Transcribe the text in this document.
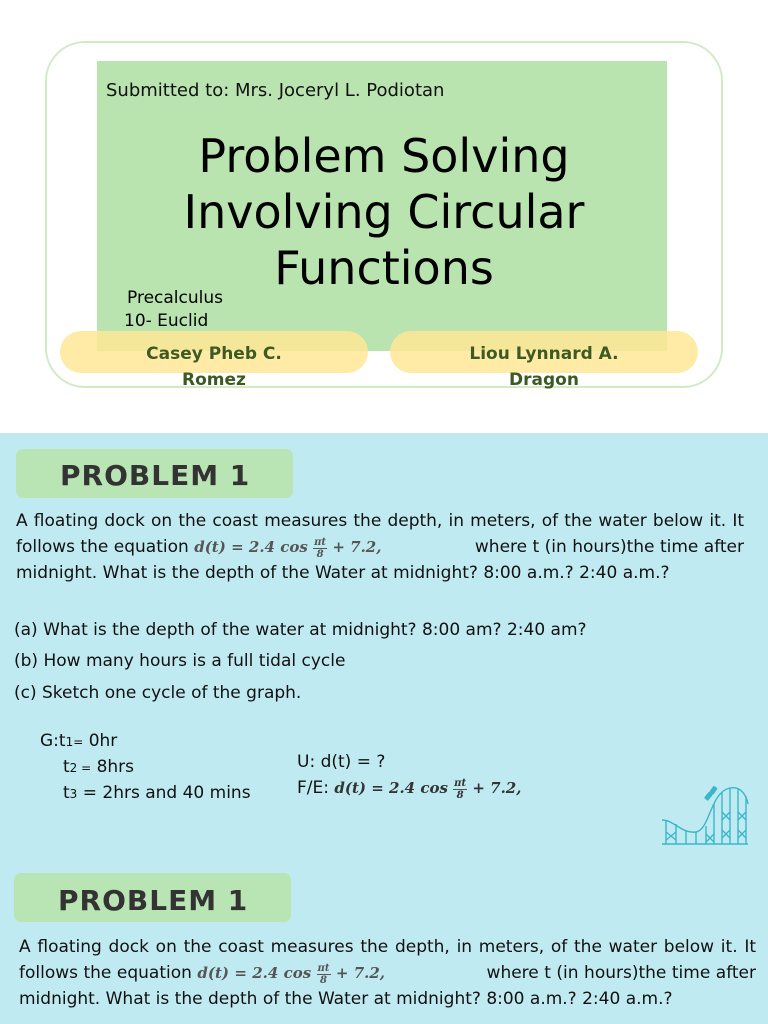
Submitted to: Mrs. Joceryl L. Podiotan
Problem Solving
Involving Circular
Functions
Precalculus
10- Euclid
Casey Pheb C.
Romez
Liou Lynnard A.
Dragon
PROBLEM 1
A floating dock on the coast measures the depth, in meters, of the water below it. It follows the equation d(t) = 2.4 $\cos \frac{\pi t}{8} + 7.2$,	where t (in hours)the time after midnight. What is the depth of the Water at midnight? 8:00 a.m.? 2:40 a.m.?
(a) What is the depth of the water at midnight? 8:00 am? 2:40 am?
(b) How many hours is a full tidal cycle
(c) Sketch one cycle of the graph.
G:t1= 0hr
t2 = 8hrs
t3 = 2hrs and 40 mins
U: d(t) = ?
F/E: d(t) = 2.4 $\cos \frac{\pi t}{8} + 7.2$,
PROBLEM 1
A floating dock on the coast measures the depth, in meters, of the water below it. It follows the equation d(t) = 2.4 $\cos \frac{\pi t}{8} + 7.2$,	where t (in hours)the time after midnight. What is the depth of the Water at midnight? 8:00 a.m.? 2:40 a.m.?
